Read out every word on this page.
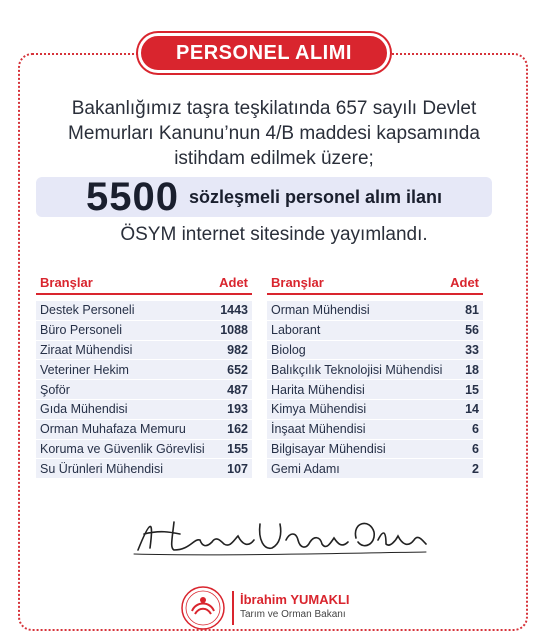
PERSONEL ALIMI
Bakanlığımız taşra teşkilatında 657 sayılı Devlet
Memurları Kanunu’nun 4/B maddesi kapsamında
istihdam edilmek üzere;
5500 sözleşmeli personel alım ilanı
ÖSYM internet sitesinde yayımlandı.
Branşlar	Adet
Destek Personeli	1443
Büro Personeli	1088
Ziraat Mühendisi	982
Veteriner Hekim	652
Şoför	487
Gıda Mühendisi	193
Orman Muhafaza Memuru	162
Koruma ve Güvenlik Görevlisi 155
Su Ürünleri Mühendisi	107
Branşlar	Adet
Orman Mühendisi	81
Laborant	56
Biolog	33
Balıkçılık Teknolojisi Mühendisi 18
Harita Mühendisi	15
Kimya Mühendisi	14
İnşaat Mühendisi	6
Bilgisayar Mühendisi	6
Gemi Adamı	2
Hayırlı Uğurlu Olsun
İbrahim YUMAKLI
Tarım ve Orman Bakanı
